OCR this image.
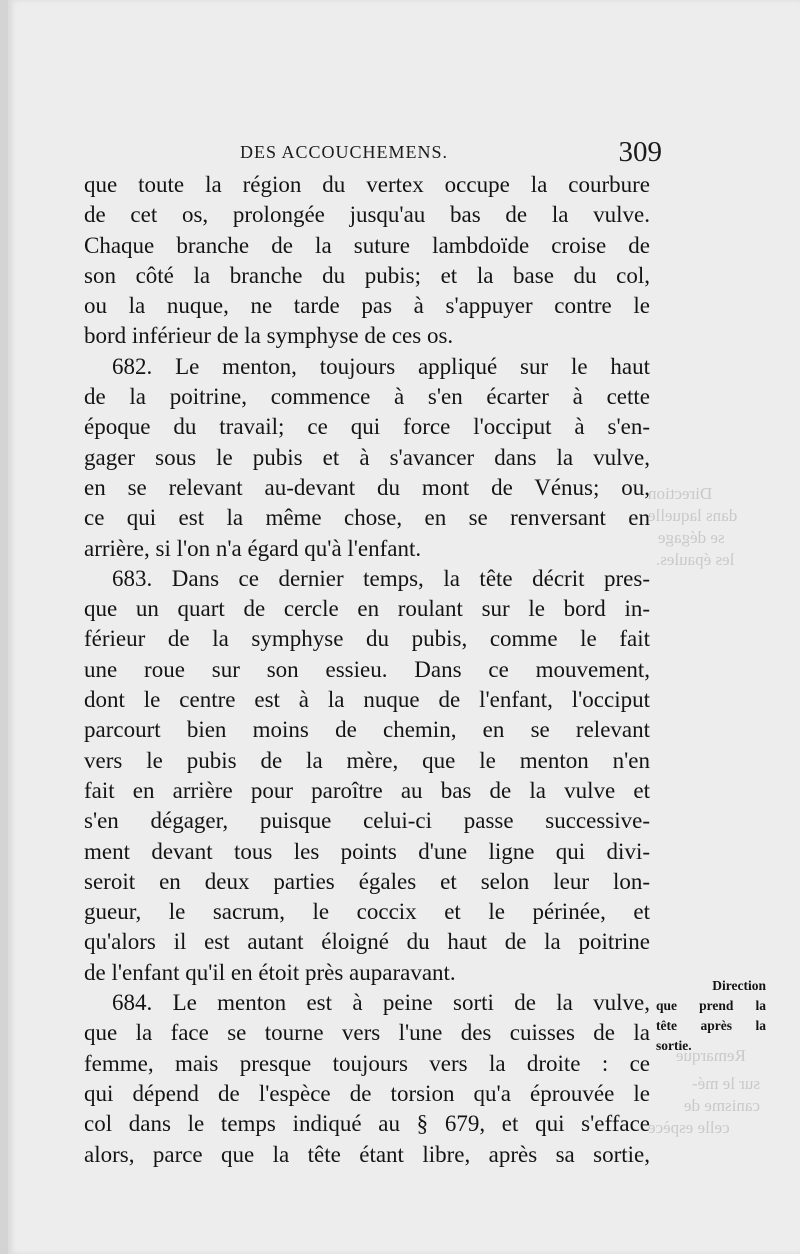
Direction
dans laquelle
se dégage
les épaules.
Remarque
sur le mé-
canisme de
celle espèce
DES ACCOUCHEMENS.	309
que toute la région du vertex occupe la courbure
de cet os, prolongée jusqu'au bas de la vulve.
Chaque branche de la suture lambdoïde croise de
son côté la branche du pubis; et la base du col,
ou la nuque, ne tarde pas à s'appuyer contre le
bord inférieur de la symphyse de ces os.
682. Le menton, toujours appliqué sur le haut
de la poitrine, commence à s'en écarter à cette
époque du travail; ce qui force l'occiput à s'en-
gager sous le pubis et à s'avancer dans la vulve,
en se relevant au-devant du mont de Vénus; ou,
ce qui est la même chose, en se renversant en
arrière, si l'on n'a égard qu'à l'enfant.
683. Dans ce dernier temps, la tête décrit pres-
que un quart de cercle en roulant sur le bord in-
férieur de la symphyse du pubis, comme le fait
une roue sur son essieu. Dans ce mouvement,
dont le centre est à la nuque de l'enfant, l'occiput
parcourt bien moins de chemin, en se relevant
vers le pubis de la mère, que le menton n'en
fait en arrière pour paroître au bas de la vulve et
s'en dégager, puisque celui-ci passe successive-
ment devant tous les points d'une ligne qui divi-
seroit en deux parties égales et selon leur lon-
gueur, le sacrum, le coccix et le périnée, et
qu'alors il est autant éloigné du haut de la poitrine
de l'enfant qu'il en étoit près auparavant.
684. Le menton est à peine sorti de la vulve,
que la face se tourne vers l'une des cuisses de la
femme, mais presque toujours vers la droite : ce
qui dépend de l'espèce de torsion qu'a éprouvée le
col dans le temps indiqué au § 679, et qui s'efface
alors, parce que la tête étant libre, après sa sortie,
Direction
que prend la
tête après la
sortie.
